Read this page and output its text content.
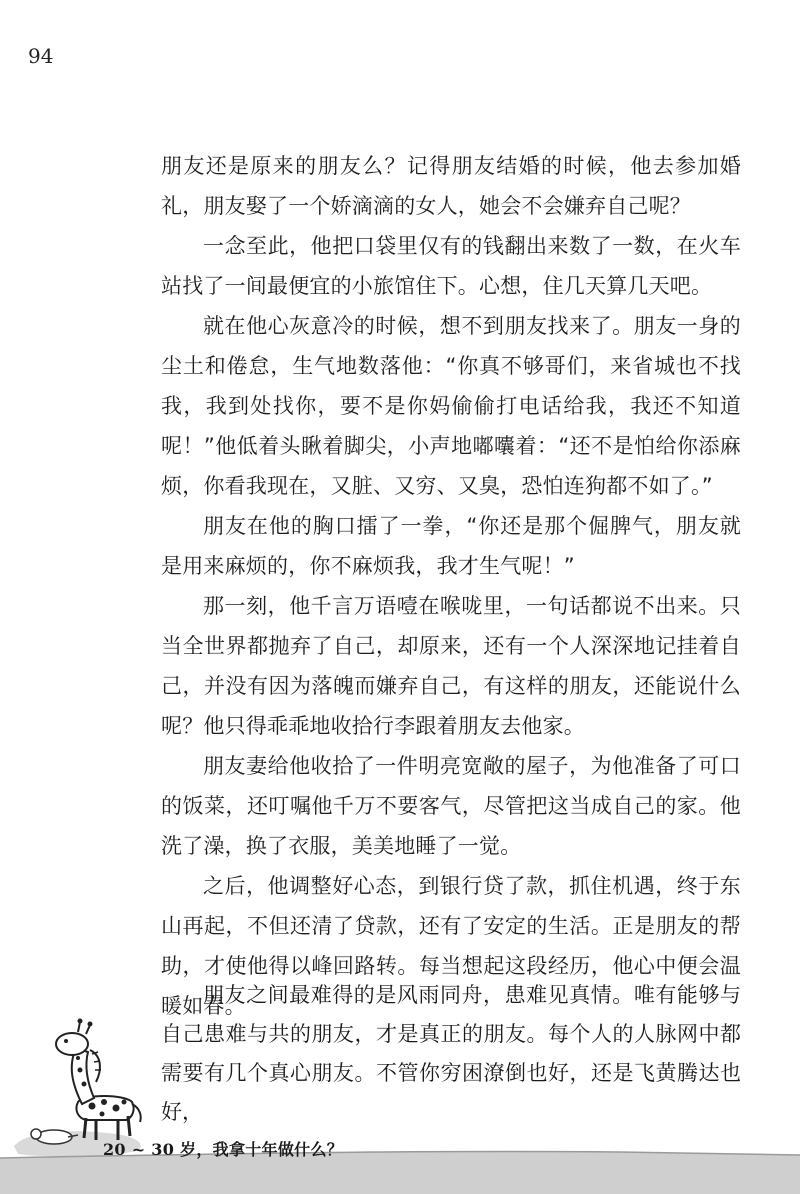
94

朋友还是原来的朋友么？记得朋友结婚的时候，他去参加婚礼，朋友娶了一个娇滴滴的女人，她会不会嫌弃自己呢？

一念至此，他把口袋里仅有的钱翻出来数了一数，在火车站找了一间最便宜的小旅馆住下。心想，住几天算几天吧。

就在他心灰意冷的时候，想不到朋友找来了。朋友一身的尘土和倦怠，生气地数落他：“你真不够哥们，来省城也不找我，我到处找你，要不是你妈偷偷打电话给我，我还不知道呢！”他低着头瞅着脚尖，小声地嘟囔着：“还不是怕给你添麻烦，你看我现在，又脏、又穷、又臭，恐怕连狗都不如了。”

朋友在他的胸口擂了一拳，“你还是那个倔脾气，朋友就是用来麻烦的，你不麻烦我，我才生气呢！”

那一刻，他千言万语噎在喉咙里，一句话都说不出来。只当全世界都抛弃了自己，却原来，还有一个人深深地记挂着自己，并没有因为落魄而嫌弃自己，有这样的朋友，还能说什么呢？他只得乖乖地收拾行李跟着朋友去他家。

朋友妻给他收拾了一件明亮宽敞的屋子，为他准备了可口的饭菜，还叮嘱他千万不要客气，尽管把这当成自己的家。他洗了澡，换了衣服，美美地睡了一觉。

之后，他调整好心态，到银行贷了款，抓住机遇，终于东山再起，不但还清了贷款，还有了安定的生活。正是朋友的帮助，才使他得以峰回路转。每当想起这段经历，他心中便会温暖如春。

朋友之间最难得的是风雨同舟，患难见真情。唯有能够与自己患难与共的朋友，才是真正的朋友。每个人的人脉网中都需要有几个真心朋友。不管你穷困潦倒也好，还是飞黄腾达也好，

20 ~ 30 岁，我拿十年做什么？
